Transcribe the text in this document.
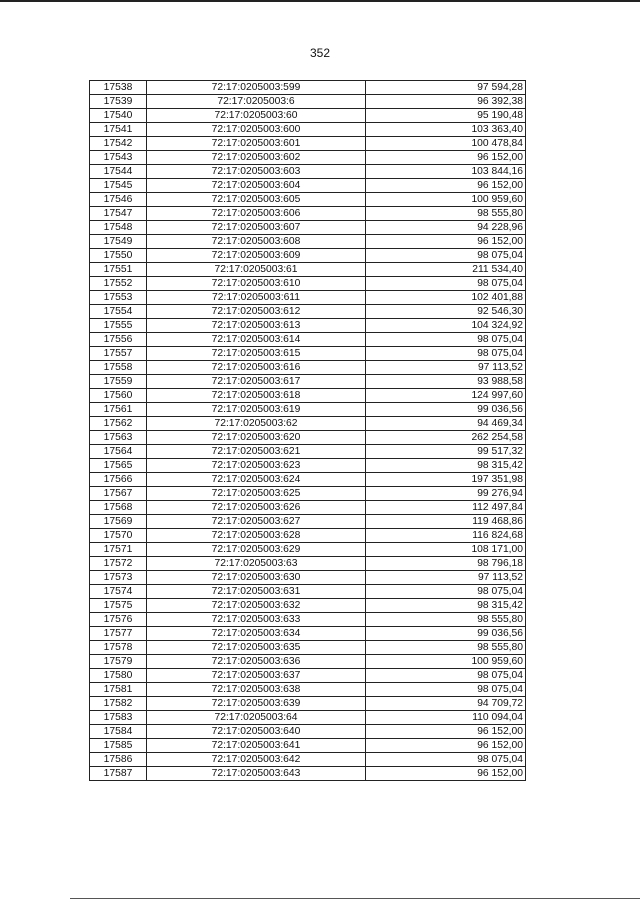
352
17538	72:17:0205003:599	97 594,28
17539	72:17:0205003:6	96 392,38
17540	72:17:0205003:60	95 190,48
17541	72:17:0205003:600	103 363,40
17542	72:17:0205003:601	100 478,84
17543	72:17:0205003:602	96 152,00
17544	72:17:0205003:603	103 844,16
17545	72:17:0205003:604	96 152,00
17546	72:17:0205003:605	100 959,60
17547	72:17:0205003:606	98 555,80
17548	72:17:0205003:607	94 228,96
17549	72:17:0205003:608	96 152,00
17550	72:17:0205003:609	98 075,04
17551	72:17:0205003:61	211 534,40
17552	72:17:0205003:610	98 075,04
17553	72:17:0205003:611	102 401,88
17554	72:17:0205003:612	92 546,30
17555	72:17:0205003:613	104 324,92
17556	72:17:0205003:614	98 075,04
17557	72:17:0205003:615	98 075,04
17558	72:17:0205003:616	97 113,52
17559	72:17:0205003:617	93 988,58
17560	72:17:0205003:618	124 997,60
17561	72:17:0205003:619	99 036,56
17562	72:17:0205003:62	94 469,34
17563	72:17:0205003:620	262 254,58
17564	72:17:0205003:621	99 517,32
17565	72:17:0205003:623	98 315,42
17566	72:17:0205003:624	197 351,98
17567	72:17:0205003:625	99 276,94
17568	72:17:0205003:626	112 497,84
17569	72:17:0205003:627	119 468,86
17570	72:17:0205003:628	116 824,68
17571	72:17:0205003:629	108 171,00
17572	72:17:0205003:63	98 796,18
17573	72:17:0205003:630	97 113,52
17574	72:17:0205003:631	98 075,04
17575	72:17:0205003:632	98 315,42
17576	72:17:0205003:633	98 555,80
17577	72:17:0205003:634	99 036,56
17578	72:17:0205003:635	98 555,80
17579	72:17:0205003:636	100 959,60
17580	72:17:0205003:637	98 075,04
17581	72:17:0205003:638	98 075,04
17582	72:17:0205003:639	94 709,72
17583	72:17:0205003:64	110 094,04
17584	72:17:0205003:640	96 152,00
17585	72:17:0205003:641	96 152,00
17586	72:17:0205003:642	98 075,04
17587	72:17:0205003:643	96 152,00
